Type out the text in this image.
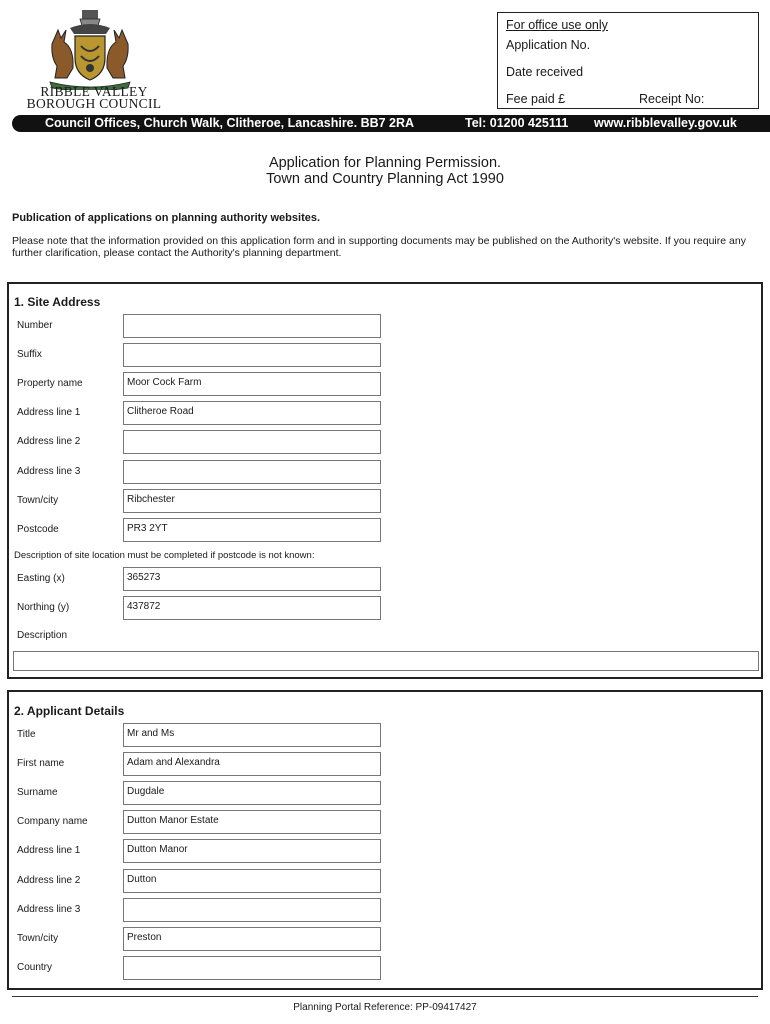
RIBBLE VALLEY
BOROUGH COUNCIL
For office use only
Application No.
Date received
Fee paid £	Receipt No:
Council Offices, Church Walk, Clitheroe, Lancashire. BB7 2RA	Tel: 01200 425111 www.ribblevalley.gov.uk
Application for Planning Permission.
Town and Country Planning Act 1990
Publication of applications on planning authority websites.
Please note that the information provided on this application form and in supporting documents may be published on the Authority's website. If you require any further clarification, please contact the Authority's planning department.
1. Site Address
Number
Suffix
Property name	Moor Cock Farm
Address line 1	Clitheroe Road
Address line 2
Address line 3
Town/city	Ribchester
Postcode	PR3 2YT
Description of site location must be completed if postcode is not known:
Easting (x)	365273
Northing (y)	437872
Description
2. Applicant Details
Title	Mr and Ms
First name	Adam and Alexandra
Surname	Dugdale
Company name	Dutton Manor Estate
Address line 1	Dutton Manor
Address line 2	Dutton
Address line 3
Town/city	Preston
Country
Planning Portal Reference: PP-09417427
